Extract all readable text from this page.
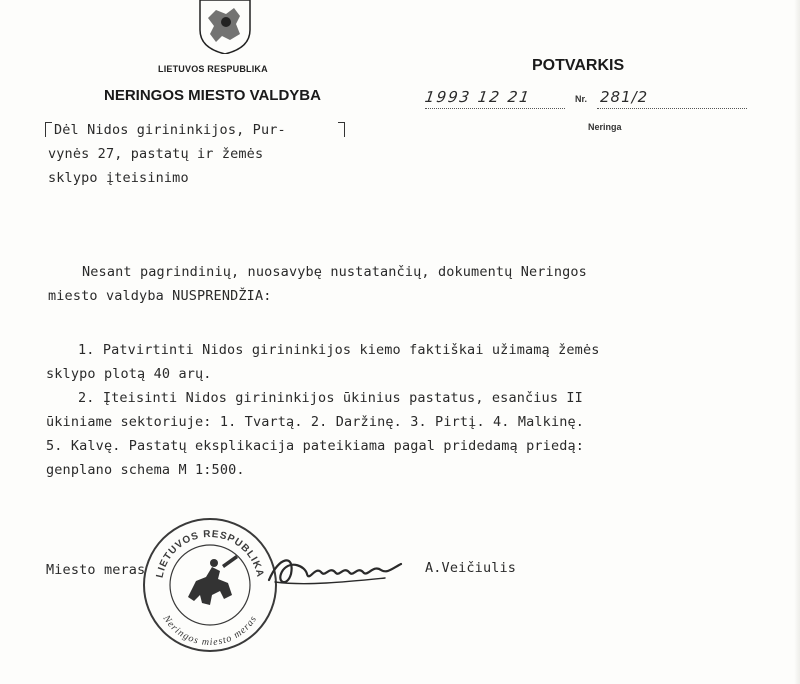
LIETUVOS RESPUBLIKA
NERINGOS MIESTO VALDYBA
POTVARKIS
1993 12 21	Nr. 281/2
Neringa
Dėl Nidos girininkijos, Pur-
vynės 27, pastatų ir žemės
sklypo įteisinimo
Nesant pagrindinių, nuosavybę nustatančių, dokumentų Neringos
miesto valdyba NUSPRENDŽIA:
1. Patvirtinti Nidos girininkijos kiemo faktiškai užimamą žemės
sklypo plotą 40 arų.
2. Įteisinti Nidos girininkijos ūkinius pastatus, esančius II
ūkiniame sektoriuje: 1. Tvartą. 2. Daržinę. 3. Pirtį. 4. Malkinę.
5. Kalvę. Pastatų eksplikacija pateikiama pagal pridedamą priedą:
genplano schema M 1:500.
Miesto meras	A.Veičiulis
LIETUVOS RESPUBLIKA
Neringos miesto meras
